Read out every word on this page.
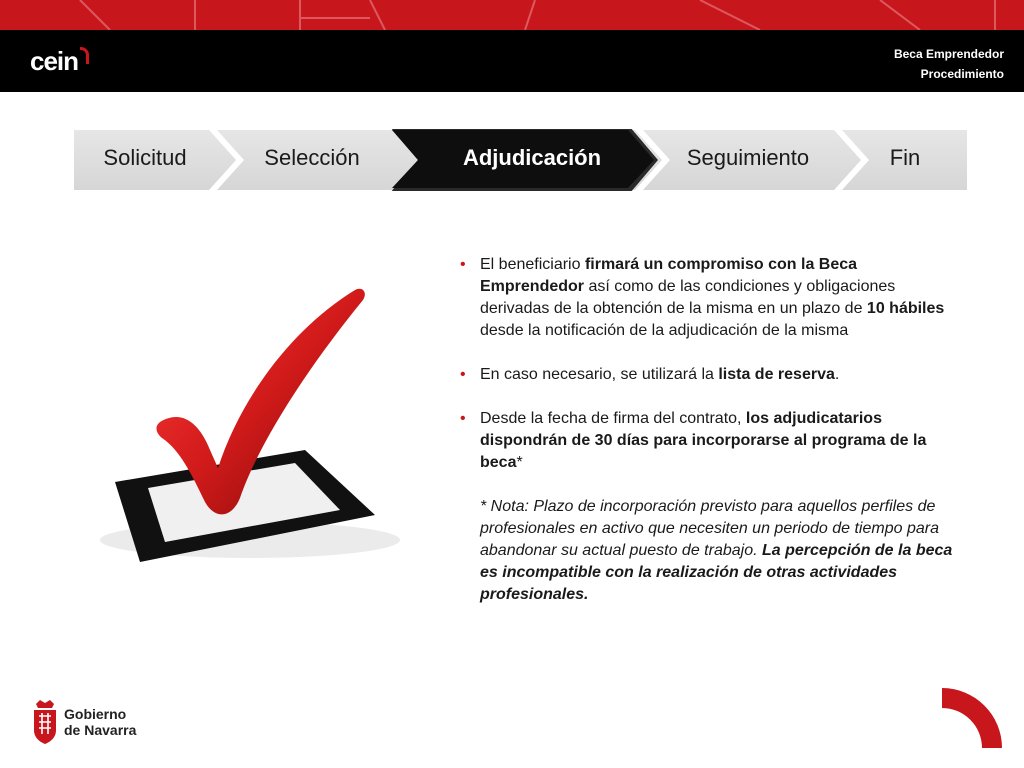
cein	Beca Emprendedor
Procedimiento
Solicitud	Selección	Adjudicación	Seguimiento	Fin
• El beneficiario firmará un compromiso con la Beca Emprendedor así como de las condiciones y obligaciones derivadas de la obtención de la misma en un plazo de 10 hábiles desde la notificación de la adjudicación de la misma
• En caso necesario, se utilizará la lista de reserva.
• Desde la fecha de firma del contrato, los adjudicatarios dispondrán de 30 días para incorporarse al programa de la beca*
* Nota: Plazo de incorporación previsto para aquellos perfiles de profesionales en activo que necesiten un periodo de tiempo para abandonar su actual puesto de trabajo. La percepción de la beca es incompatible con la realización de otras actividades profesionales.
Gobierno
de Navarra
